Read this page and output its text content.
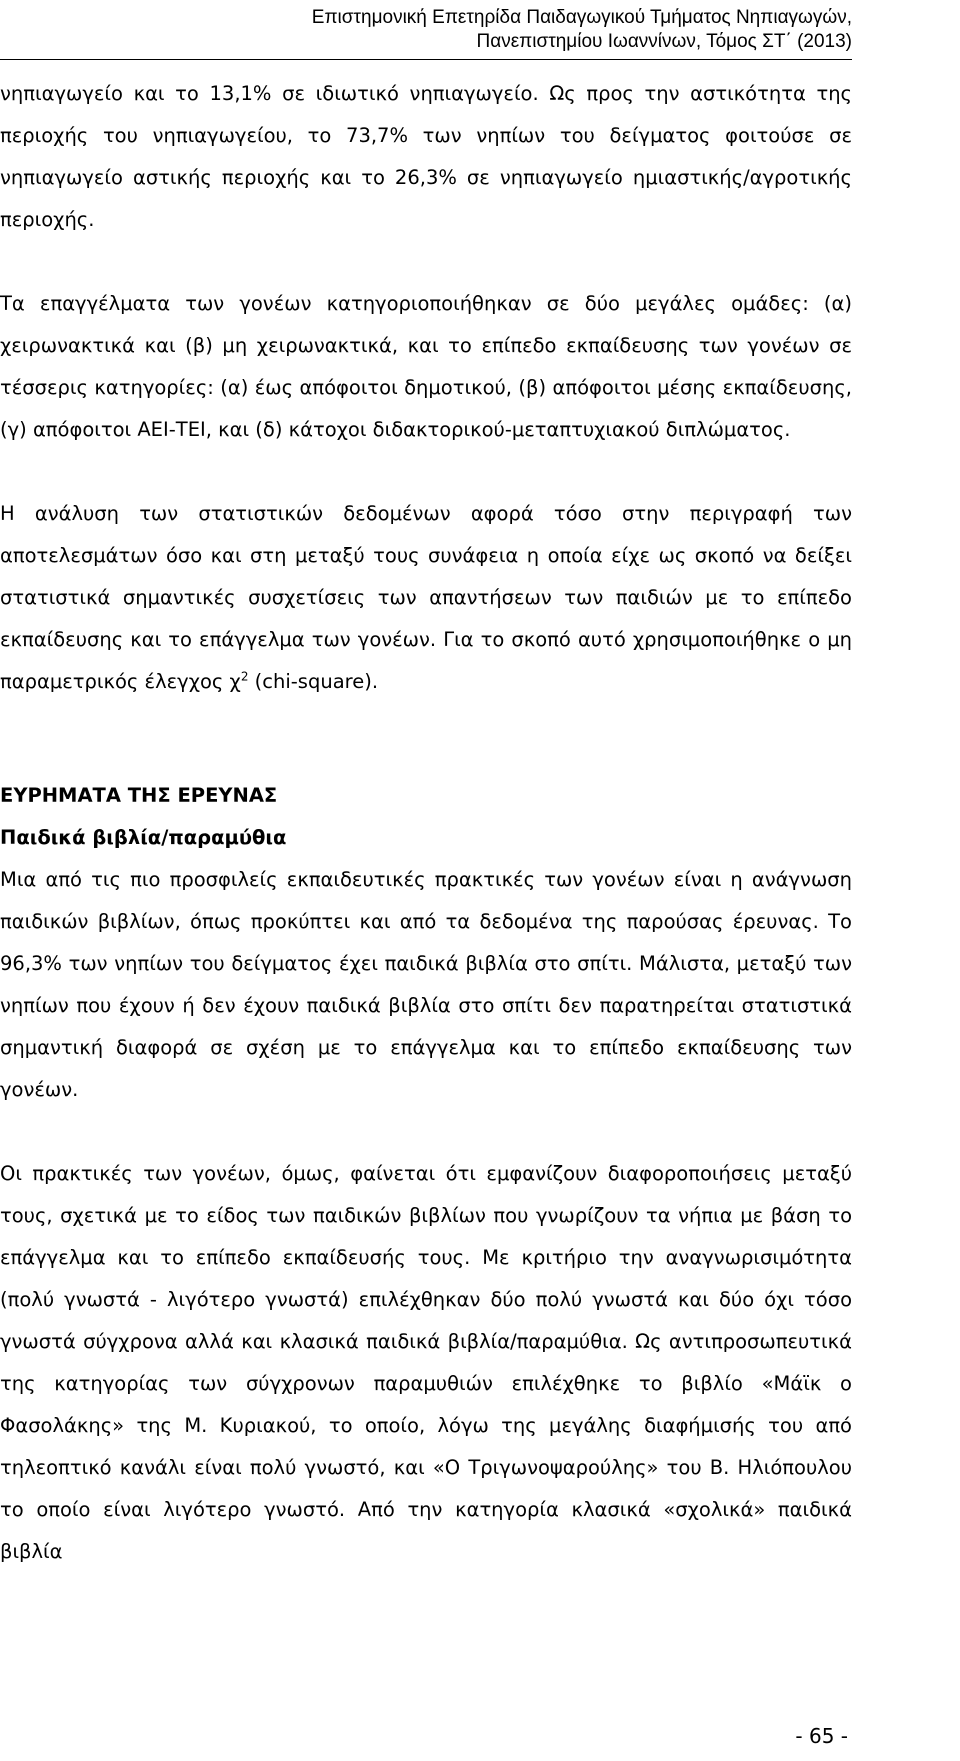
Επιστημονική Επετηρίδα Παιδαγωγικού Τμήματος Νηπιαγωγών,
Πανεπιστημίου Ιωαννίνων, Τόμος ΣΤ΄ (2013)

νηπιαγωγείο και το 13,1% σε ιδιωτικό νηπιαγωγείο. Ως προς την αστικότητα της περιοχής του νηπιαγωγείου, το 73,7% των νηπίων του δείγματος φοιτούσε σε νηπιαγωγείο αστικής περιοχής και το 26,3% σε νηπιαγωγείο ημιαστικής/αγροτικής περιοχής.

Τα επαγγέλματα των γονέων κατηγοριοποιήθηκαν σε δύο μεγάλες ομάδες: (α) χειρωνακτικά και (β) μη χειρωνακτικά, και το επίπεδο εκπαίδευσης των γονέων σε τέσσερις κατηγορίες: (α) έως απόφοιτοι δημοτικού, (β) απόφοιτοι μέσης εκπαίδευσης, (γ) απόφοιτοι ΑΕΙ-ΤΕΙ, και (δ) κάτοχοι διδακτορικού-μεταπτυχιακού διπλώματος.

Η ανάλυση των στατιστικών δεδομένων αφορά τόσο στην περιγραφή των αποτελεσμάτων όσο και στη μεταξύ τους συνάφεια η οποία είχε ως σκοπό να δείξει στατιστικά σημαντικές συσχετίσεις των απαντήσεων των παιδιών με το επίπεδο εκπαίδευσης και το επάγγελμα των γονέων. Για το σκοπό αυτό χρησιμοποιήθηκε ο μη παραμετρικός έλεγχος $\chi^2$ (chi-square).

ΕΥΡΗΜΑΤΑ ΤΗΣ ΕΡΕΥΝΑΣ

Παιδικά βιβλία/παραμύθια

Μια από τις πιο προσφιλείς εκπαιδευτικές πρακτικές των γονέων είναι η ανάγνωση παιδικών βιβλίων, όπως προκύπτει και από τα δεδομένα της παρούσας έρευνας. Το 96,3% των νηπίων του δείγματος έχει παιδικά βιβλία στο σπίτι. Μάλιστα, μεταξύ των νηπίων που έχουν ή δεν έχουν παιδικά βιβλία στο σπίτι δεν παρατηρείται στατιστικά σημαντική διαφορά σε σχέση με το επάγγελμα και το επίπεδο εκπαίδευσης των γονέων.

Οι πρακτικές των γονέων, όμως, φαίνεται ότι εμφανίζουν διαφοροποιήσεις μεταξύ τους, σχετικά με το είδος των παιδικών βιβλίων που γνωρίζουν τα νήπια με βάση το επάγγελμα και το επίπεδο εκπαίδευσής τους. Με κριτήριο την αναγνωρισιμότητα (πολύ γνωστά - λιγότερο γνωστά) επιλέχθηκαν δύο πολύ γνωστά και δύο όχι τόσο γνωστά σύγχρονα αλλά και κλασικά παιδικά βιβλία/παραμύθια. Ως αντιπροσωπευτικά της κατηγορίας των σύγχρονων παραμυθιών επιλέχθηκε το βιβλίο «Μάϊκ ο Φασολάκης» της Μ. Κυριακού, το οποίο, λόγω της μεγάλης διαφήμισής του από τηλεοπτικό κανάλι είναι πολύ γνωστό, και «Ο Τριγωνοψαρούλης» του Β. Ηλιόπουλου το οποίο είναι λιγότερο γνωστό. Από την κατηγορία κλασικά «σχολικά» παιδικά βιβλία

- 65 -
